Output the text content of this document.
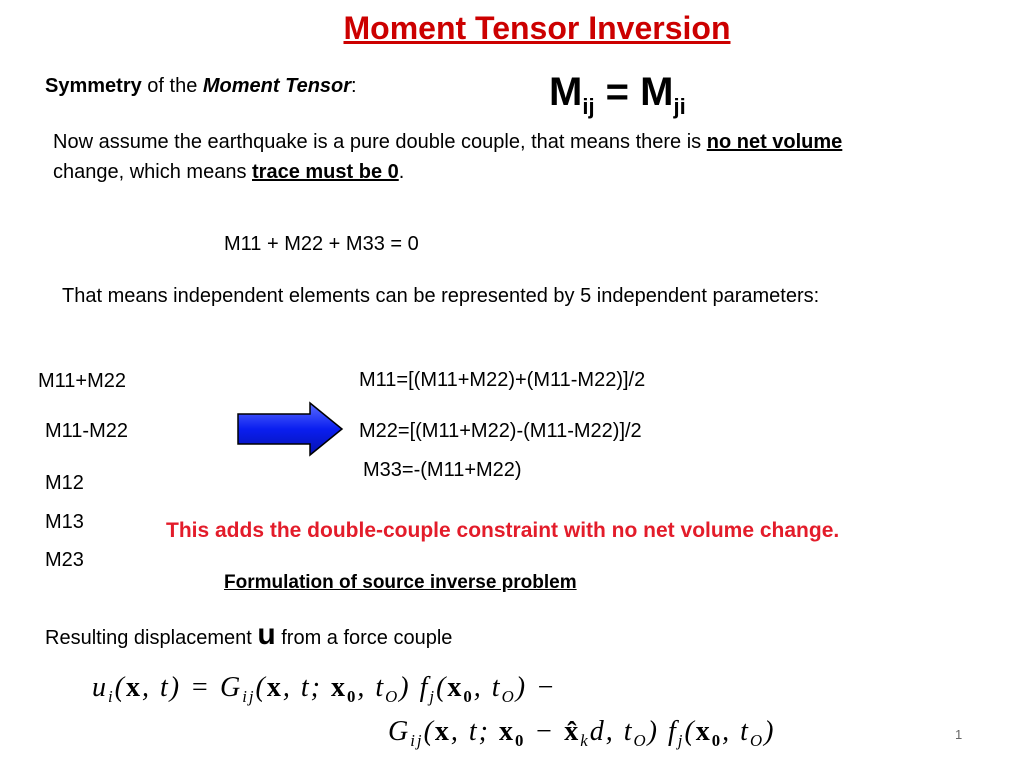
Moment Tensor Inversion
Symmetry of the Moment Tensor:	$M_{ij} = M_{ji}$
Now assume the earthquake is a pure double couple, that means there is no net volume change, which means trace must be 0.
M11 + M22 + M33 = 0
That means independent elements can be represented by 5 independent parameters:
M11+M22
M11-M22
M12
M13
M23
M11=[(M11+M22)+(M11-M22)]/2
M22=[(M11+M22)-(M11-M22)]/2
M33=-(M11+M22)
This adds the double-couple constraint with no net volume change.
Formulation of source inverse problem
Resulting displacement u from a force couple
$u_i(x$, $t) = G_{ij}(x$, t; $x_0$, $t_O$) $f_j(x_0$, $t_O$) −
$G_{ij}(x$, t; $x_0$ − $x̂_kd$, $t_O$) $f_j(x_0$, $t_O$)	1
